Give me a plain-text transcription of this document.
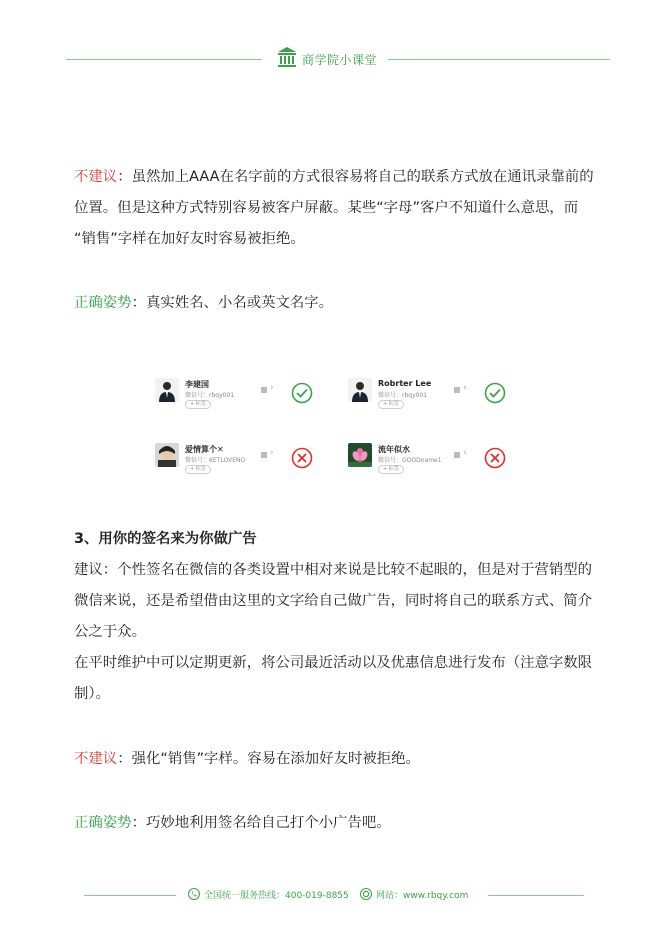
商学院小课堂
不建议：虽然加上AAA在名字前的方式很容易将自己的联系方式放在通讯录靠前的
位置。但是这种方式特别容易被客户屏蔽。某些“字母”客户不知道什么意思，而
“销售”字样在加好友时容易被拒绝。
正确姿势：真实姓名、小名或英文名字。
李建国
微信号：rbqy001
+ 标签
›	Robrter Lee
微信号：rbqy001
+ 标签
›
爱情算个✕
微信号：KETLOVENO
+ 标签
›	流年似水
微信号：GOODname1
+ 标签
›
3、用你的签名来为你做广告
建议：个性签名在微信的各类设置中相对来说是比较不起眼的，但是对于营销型的
微信来说，还是希望借由这里的文字给自己做广告，同时将自己的联系方式、简介
公之于众。
在平时维护中可以定期更新，将公司最近活动以及优惠信息进行发布（注意字数限
制）。
不建议：强化“销售”字样。容易在添加好友时被拒绝。
正确姿势：巧妙地利用签名给自己打个小广告吧。
全国统一服务热线：400-019-8855	网站：www.rbqy.com
